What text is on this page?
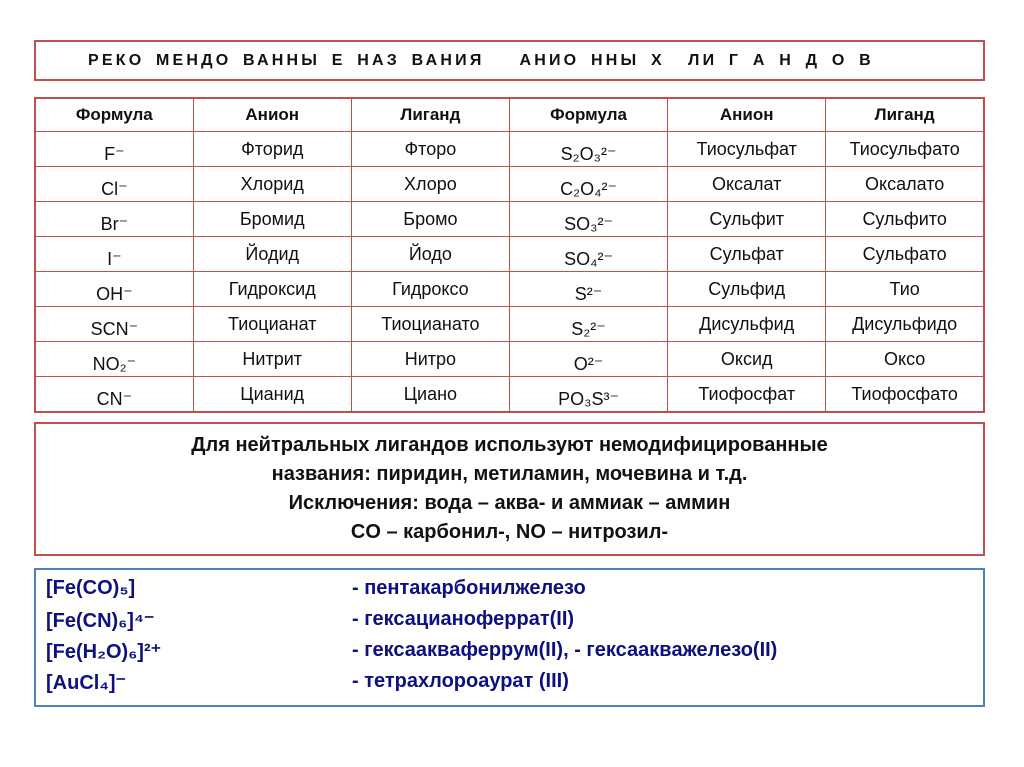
РЕКО МЕНДО ВАННЫ Е НАЗ ВАНИЯ   АНИО ННЫ Х  ЛИ Г А Н Д О В
Формула	Анион	Лиганд	Формула	Анион	Лиганд
F⁻	Фторид	Фторо	S₂O₃²⁻	Тиосульфат	Тиосульфато
Cl⁻	Хлорид	Хлоро	C₂O₄²⁻	Оксалат	Оксалато
Br⁻	Бромид	Бромо	SO₃²⁻	Сульфит	Сульфито
I⁻	Йодид	Йодо	SO₄²⁻	Сульфат	Сульфато
OH⁻	Гидроксид	Гидроксо	S²⁻	Сульфид	Тио
SCN⁻	Тиоцианат	Тиоцианато	S₂²⁻	Дисульфид	Дисульфидо
NO₂⁻	Нитрит	Нитро	O²⁻	Оксид	Оксо
CN⁻	Цианид	Циано	PO₃S³⁻	Тиофосфат	Тиофосфато
Для нейтральных лигандов используют немодифицированные
названия: пиридин, метиламин, мочевина и т.д.
Исключения: вода – аква- и аммиак – аммин
CO – карбонил-, NO – нитрозил-
[Fe(CO)₅]	- пентакарбонилжелезо
[Fe(CN)₆]⁴⁻	- гексацианоферрат(II)
[Fe(H₂O)₆]²⁺	- гексааквaферрум(II), - гексааквaжелезо(II)
[AuCl₄]⁻	- тетрахлороаурат (III)
